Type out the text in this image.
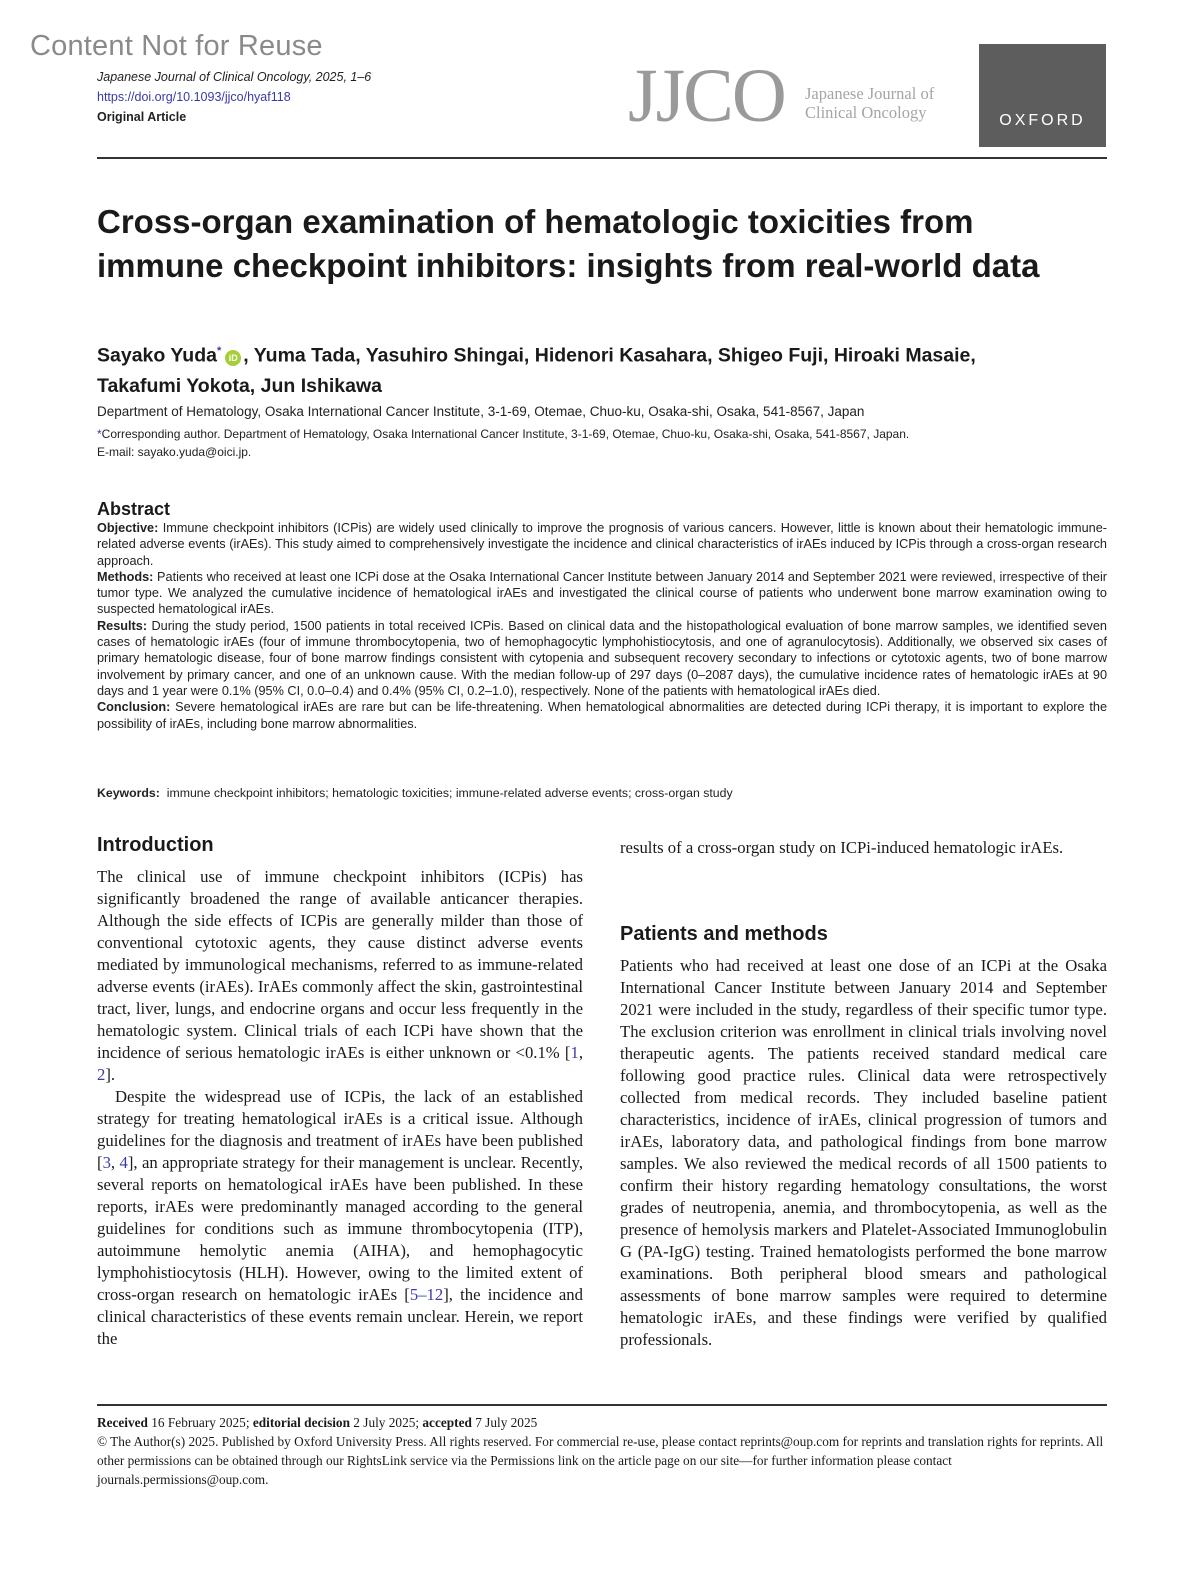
Content Not for Reuse
Japanese Journal of Clinical Oncology, 2025, 1–6
https://doi.org/10.1093/jjco/hyaf118
Original Article	JJCO Japanese Journal of
Clinical Oncology	OXFORD
Cross-organ examination of hematologic toxicities from immune checkpoint inhibitors: insights from real-world data
Sayako Yuda*iD , Yuma Tada, Yasuhiro Shingai, Hidenori Kasahara, Shigeo Fuji, Hiroaki Masaie,
Takafumi Yokota, Jun Ishikawa
Department of Hematology, Osaka International Cancer Institute, 3-1-69, Otemae, Chuo-ku, Osaka-shi, Osaka, 541-8567, Japan
*Corresponding author. Department of Hematology, Osaka International Cancer Institute, 3-1-69, Otemae, Chuo-ku, Osaka-shi, Osaka, 541-8567, Japan.
E-mail: sayako.yuda@oici.jp.
Abstract

Objective: Immune checkpoint inhibitors (ICPis) are widely used clinically to improve the prognosis of various cancers. However, little is known about their hematologic immune-related adverse events (irAEs). This study aimed to comprehensively investigate the incidence and clinical characteristics of irAEs induced by ICPis through a cross-organ research approach.

Methods: Patients who received at least one ICPi dose at the Osaka International Cancer Institute between January 2014 and September 2021 were reviewed, irrespective of their tumor type. We analyzed the cumulative incidence of hematological irAEs and investigated the clinical course of patients who underwent bone marrow examination owing to suspected hematological irAEs.

Results: During the study period, 1500 patients in total received ICPis. Based on clinical data and the histopathological evaluation of bone marrow samples, we identified seven cases of hematologic irAEs (four of immune thrombocytopenia, two of hemophagocytic lymphohistiocytosis, and one of agranulocytosis). Additionally, we observed six cases of primary hematologic disease, four of bone marrow findings consistent with cytopenia and subsequent recovery secondary to infections or cytotoxic agents, two of bone marrow involvement by primary cancer, and one of an unknown cause. With the median follow-up of 297 days (0–2087 days), the cumulative incidence rates of hematologic irAEs at 90 days and 1 year were 0.1% (95% CI, 0.0–0.4) and 0.4% (95% CI, 0.2–1.0), respectively. None of the patients with hematological irAEs died.

Conclusion: Severe hematological irAEs are rare but can be life-threatening. When hematological abnormalities are detected during ICPi therapy, it is important to explore the possibility of irAEs, including bone marrow abnormalities.

Keywords: immune checkpoint inhibitors; hematologic toxicities; immune-related adverse events; cross-organ study
Introduction

The clinical use of immune checkpoint inhibitors (ICPis) has significantly broadened the range of available anticancer therapies. Although the side effects of ICPis are generally milder than those of conventional cytotoxic agents, they cause distinct adverse events mediated by immunological mechanisms, referred to as immune-related adverse events (irAEs). IrAEs commonly affect the skin, gastrointestinal tract, liver, lungs, and endocrine organs and occur less frequently in the hematologic system. Clinical trials of each ICPi have shown that the incidence of serious hematologic irAEs is either unknown or <0.1% [1, 2].

Despite the widespread use of ICPis, the lack of an established strategy for treating hematological irAEs is a critical issue. Although guidelines for the diagnosis and treatment of irAEs have been published [3, 4], an appropriate strategy for their management is unclear. Recently, several reports on hematological irAEs have been published. In these reports, irAEs were predominantly managed according to the general guidelines for conditions such as immune thrombocytopenia (ITP), autoimmune hemolytic anemia (AIHA), and hemophagocytic lymphohistiocytosis (HLH). However, owing to the limited extent of cross-organ research on hematologic irAEs [5–12], the incidence and clinical characteristics of these events remain unclear. Herein, we report the

results of a cross-organ study on ICPi-induced hematologic irAEs.
Patients and methods
Patients who had received at least one dose of an ICPi at the Osaka International Cancer Institute between January 2014 and September 2021 were included in the study, regardless of their specific tumor type. The exclusion criterion was enrollment in clinical trials involving novel therapeutic agents. The patients received standard medical care following good practice rules. Clinical data were retrospectively collected from medical records. They included baseline patient characteristics, incidence of irAEs, clinical progression of tumors and irAEs, laboratory data, and pathological findings from bone marrow samples. We also reviewed the medical records of all 1500 patients to confirm their history regarding hematology consultations, the worst grades of neutropenia, anemia, and thrombocytopenia, as well as the presence of hemolysis markers and Platelet-Associated Immunoglobulin G (PA-IgG) testing. Trained hematologists performed the bone marrow examinations. Both peripheral blood smears and pathological assessments of bone marrow samples were required to determine hematologic irAEs, and these findings were verified by qualified professionals.
Received 16 February 2025; editorial decision 2 July 2025; accepted 7 July 2025
© The Author(s) 2025. Published by Oxford University Press. All rights reserved. For commercial re-use, please contact reprints@oup.com for reprints and translation rights for reprints. All other permissions can be obtained through our RightsLink service via the Permissions link on the article page on our site—for further information please contact journals.permissions@oup.com.
